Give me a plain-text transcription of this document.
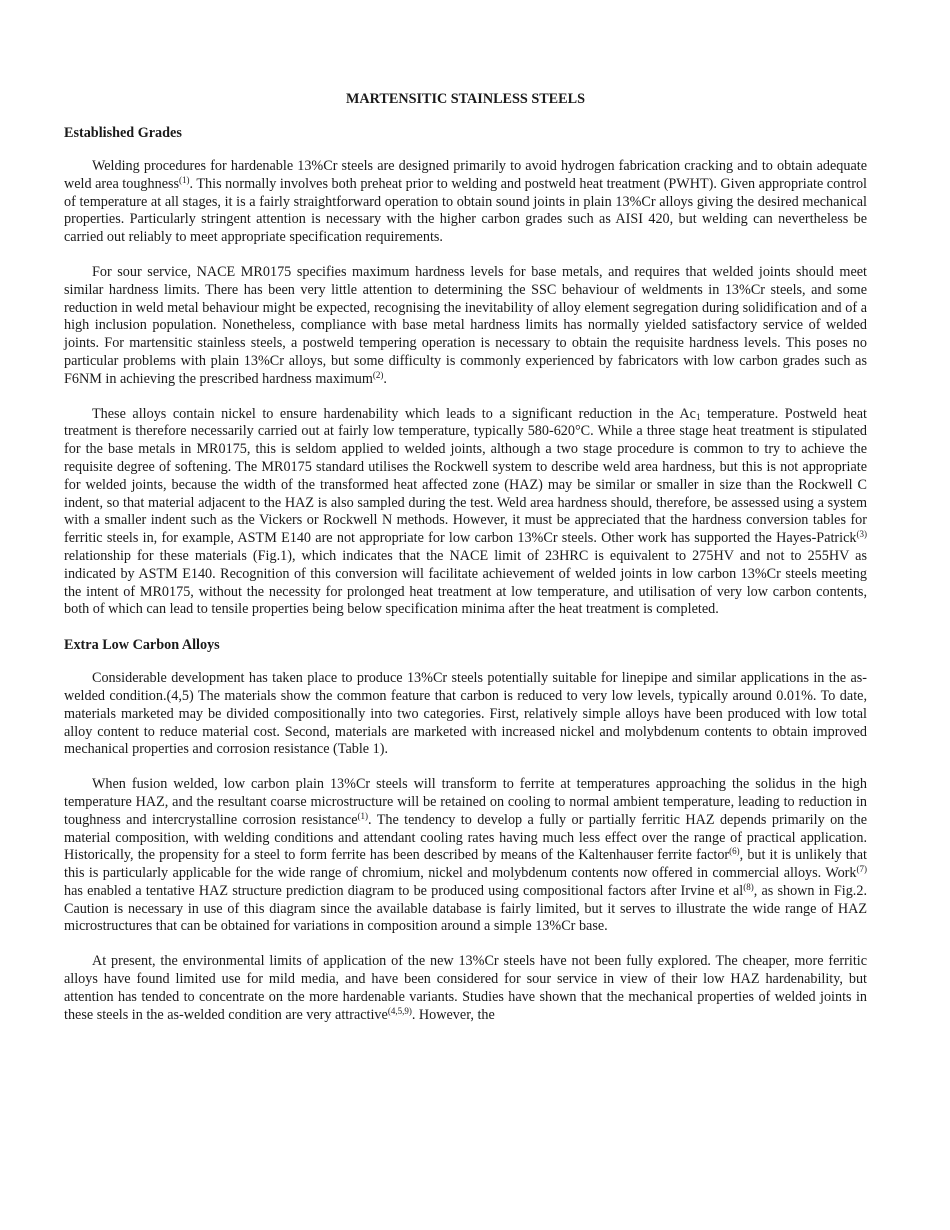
MARTENSITIC STAINLESS STEELS
Established Grades

Welding procedures for hardenable 13%Cr steels are designed primarily to avoid hydrogen fabrication cracking and to obtain adequate weld area toughness$^{(1)}$. This normally involves both preheat prior to welding and postweld heat treatment (PWHT). Given appropriate control of temperature at all stages, it is a fairly straightforward operation to obtain sound joints in plain 13%Cr alloys giving the desired mechanical properties. Particularly stringent attention is necessary with the higher carbon grades such as AISI 420, but welding can nevertheless be carried out reliably to meet appropriate specification requirements.

For sour service, NACE MR0175 specifies maximum hardness levels for base metals, and requires that welded joints should meet similar hardness limits. There has been very little attention to determining the SSC behaviour of weldments in 13%Cr steels, and some reduction in weld metal behaviour might be expected, recognising the inevitability of alloy element segregation during solidification and of a high inclusion population. Nonetheless, compliance with base metal hardness limits has normally yielded satisfactory service of welded joints. For martensitic stainless steels, a postweld tempering operation is necessary to obtain the requisite hardness levels. This poses no particular problems with plain 13%Cr alloys, but some difficulty is commonly experienced by fabricators with low carbon grades such as F6NM in achieving the prescribed hardness maximum$^{(2)}$.

These alloys contain nickel to ensure hardenability which leads to a significant reduction in the $Ac_1$ temperature. Postweld heat treatment is therefore necessarily carried out at fairly low temperature, typically 580-620°C. While a three stage heat treatment is stipulated for the base metals in MR0175, this is seldom applied to welded joints, although a two stage procedure is common to try to achieve the requisite degree of softening. The MR0175 standard utilises the Rockwell system to describe weld area hardness, but this is not appropriate for welded joints, because the width of the transformed heat affected zone (HAZ) may be similar or smaller in size than the Rockwell C indent, so that material adjacent to the HAZ is also sampled during the test. Weld area hardness should, therefore, be assessed using a system with a smaller indent such as the Vickers or Rockwell N methods. However, it must be appreciated that the hardness conversion tables for ferritic steels in, for example, ASTM E140 are not appropriate for low carbon 13%Cr steels. Other work has supported the Hayes-Patrick$^{(3)}$ relationship for these materials (Fig.1), which indicates that the NACE limit of 23HRC is equivalent to 275HV and not to 255HV as indicated by ASTM E140. Recognition of this conversion will facilitate achievement of welded joints in low carbon 13%Cr steels meeting the intent of MR0175, without the necessity for prolonged heat treatment at low temperature, and utilisation of very low carbon contents, both of which can lead to tensile properties being below specification minima after the heat treatment is completed.

Extra Low Carbon Alloys

Considerable development has taken place to produce 13%Cr steels potentially suitable for linepipe and similar applications in the as-welded condition.(4,5) The materials show the common feature that carbon is reduced to very low levels, typically around 0.01%. To date, materials marketed may be divided compositionally into two categories. First, relatively simple alloys have been produced with low total alloy content to reduce material cost. Second, materials are marketed with increased nickel and molybdenum contents to obtain improved mechanical properties and corrosion resistance (Table 1).

When fusion welded, low carbon plain 13%Cr steels will transform to ferrite at temperatures approaching the solidus in the high temperature HAZ, and the resultant coarse microstructure will be retained on cooling to normal ambient temperature, leading to reduction in toughness and intercrystalline corrosion resistance$^{(1)}$. The tendency to develop a fully or partially ferritic HAZ depends primarily on the material composition, with welding conditions and attendant cooling rates having much less effect over the range of practical application. Historically, the propensity for a steel to form ferrite has been described by means of the Kaltenhauser ferrite factor$^{(6)}$, but it is unlikely that this is particularly applicable for the wide range of chromium, nickel and molybdenum contents now offered in commercial alloys. Work$^{(7)}$ has enabled a tentative HAZ structure prediction diagram to be produced using compositional factors after Irvine et $al^{(8)}$, as shown in Fig.2. Caution is necessary in use of this diagram since the available database is fairly limited, but it serves to illustrate the wide range of HAZ microstructures that can be obtained for variations in composition around a simple 13%Cr base.

At present, the environmental limits of application of the new 13%Cr steels have not been fully explored. The cheaper, more ferritic alloys have found limited use for mild media, and have been considered for sour service in view of their low HAZ hardenability, but attention has tended to concentrate on the more hardenable variants. Studies have shown that the mechanical properties of welded joints in these steels in the as-welded condition are very attractive$^{(4,5,9)}$. However, the
